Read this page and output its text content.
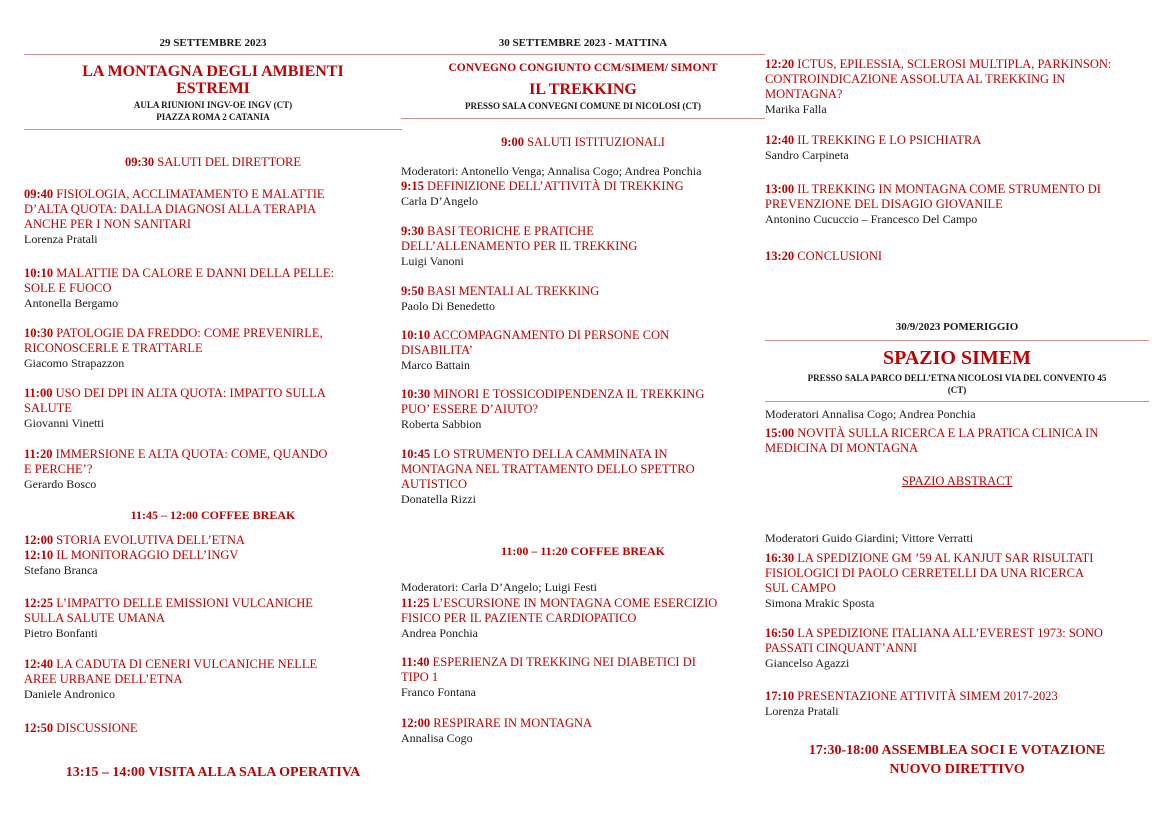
29 SETTEMBRE 2023
LA MONTAGNA DEGLI AMBIENTI
ESTREMI
AULA RIUNIONI INGV-OE INGV (CT)
PIAZZA ROMA 2 CATANIA
09:30 SALUTI DEL DIRETTORE
09:40 FISIOLOGIA, ACCLIMATAMENTO E MALATTIE
D’ALTA QUOTA: DALLA DIAGNOSI ALLA TERAPIA
ANCHE PER I NON SANITARI
Lorenza Pratali
10:10 MALATTIE DA CALORE E DANNI DELLA PELLE:
SOLE E FUOCO
Antonella Bergamo
10:30 PATOLOGIE DA FREDDO: COME PREVENIRLE,
RICONOSCERLE E TRATTARLE
Giacomo Strapazzon
11:00 USO DEI DPI IN ALTA QUOTA: IMPATTO SULLA
SALUTE
Giovanni Vinetti
11:20 IMMERSIONE E ALTA QUOTA: COME, QUANDO
E PERCHE’?
Gerardo Bosco
11:45 – 12:00 COFFEE BREAK
12:00 STORIA EVOLUTIVA DELL’ETNA
12:10 IL MONITORAGGIO DELL’INGV
Stefano Branca
12:25 L’IMPATTO DELLE EMISSIONI VULCANICHE
SULLA SALUTE UMANA
Pietro Bonfanti
12:40 LA CADUTA DI CENERI VULCANICHE NELLE
AREE URBANE DELL’ETNA
Daniele Andronico
12:50 DISCUSSIONE
13:15 – 14:00 VISITA ALLA SALA OPERATIVA
30 SETTEMBRE 2023 - MATTINA
CONVEGNO CONGIUNTO CCM/SIMEM/ SIMONT
IL TREKKING
PRESSO SALA CONVEGNI COMUNE DI NICOLOSI (CT)
9:00 SALUTI ISTITUZIONALI
Moderatori: Antonello Venga; Annalisa Cogo; Andrea Ponchia
9:15 DEFINIZIONE DELL’ATTIVITÀ DI TREKKING
Carla D’Angelo
9:30 BASI TEORICHE E PRATICHE
DELL’ALLENAMENTO PER IL TREKKING
Luigi Vanoni
9:50 BASI MENTALI AL TREKKING
Paolo Di Benedetto
10:10 ACCOMPAGNAMENTO DI PERSONE CON
DISABILITA’
Marco Battain
10:30 MINORI E TOSSICODIPENDENZA IL TREKKING
PUO’ ESSERE D’AIUTO?
Roberta Sabbion
10:45 LO STRUMENTO DELLA CAMMINATA IN
MONTAGNA NEL TRATTAMENTO DELLO SPETTRO
AUTISTICO
Donatella Rizzi
11:00 – 11:20 COFFEE BREAK
Moderatori: Carla D’Angelo; Luigi Festi
11:25 L’ESCURSIONE IN MONTAGNA COME ESERCIZIO
FISICO PER IL PAZIENTE CARDIOPATICO
Andrea Ponchia
11:40 ESPERIENZA DI TREKKING NEI DIABETICI DI
TIPO 1
Franco Fontana
12:00 RESPIRARE IN MONTAGNA
Annalisa Cogo
12:20 ICTUS, EPILESSIA, SCLEROSI MULTIPLA, PARKINSON:
CONTROINDICAZIONE ASSOLUTA AL TREKKING IN
MONTAGNA?
Marika Falla
12:40 IL TREKKING E LO PSICHIATRA
Sandro Carpineta
13:00 IL TREKKING IN MONTAGNA COME STRUMENTO DI
PREVENZIONE DEL DISAGIO GIOVANILE
Antonino Cucuccio – Francesco Del Campo
13:20 CONCLUSIONI
30/9/2023 POMERIGGIO
SPAZIO SIMEM
PRESSO SALA PARCO DELL’ETNA NICOLOSI VIA DEL CONVENTO 45
(CT)
Moderatori Annalisa Cogo; Andrea Ponchia
15:00 NOVITÀ SULLA RICERCA E LA PRATICA CLINICA IN
MEDICINA DI MONTAGNA
SPAZIO ABSTRACT
Moderatori Guido Giardini; Vittore Verratti
16:30 LA SPEDIZIONE GM ’59 AL KANJUT SAR RISULTATI
FISIOLOGICI DI PAOLO CERRETELLI DA UNA RICERCA
SUL CAMPO
Simona Mrakic Sposta
16:50 LA SPEDIZIONE ITALIANA ALL’EVEREST 1973: SONO
PASSATI CINQUANT’ANNI
Giancelso Agazzi
17:10 PRESENTAZIONE ATTIVITÀ SIMEM 2017-2023
Lorenza Pratali
17:30-18:00 ASSEMBLEA SOCI E VOTAZIONE
NUOVO DIRETTIVO
